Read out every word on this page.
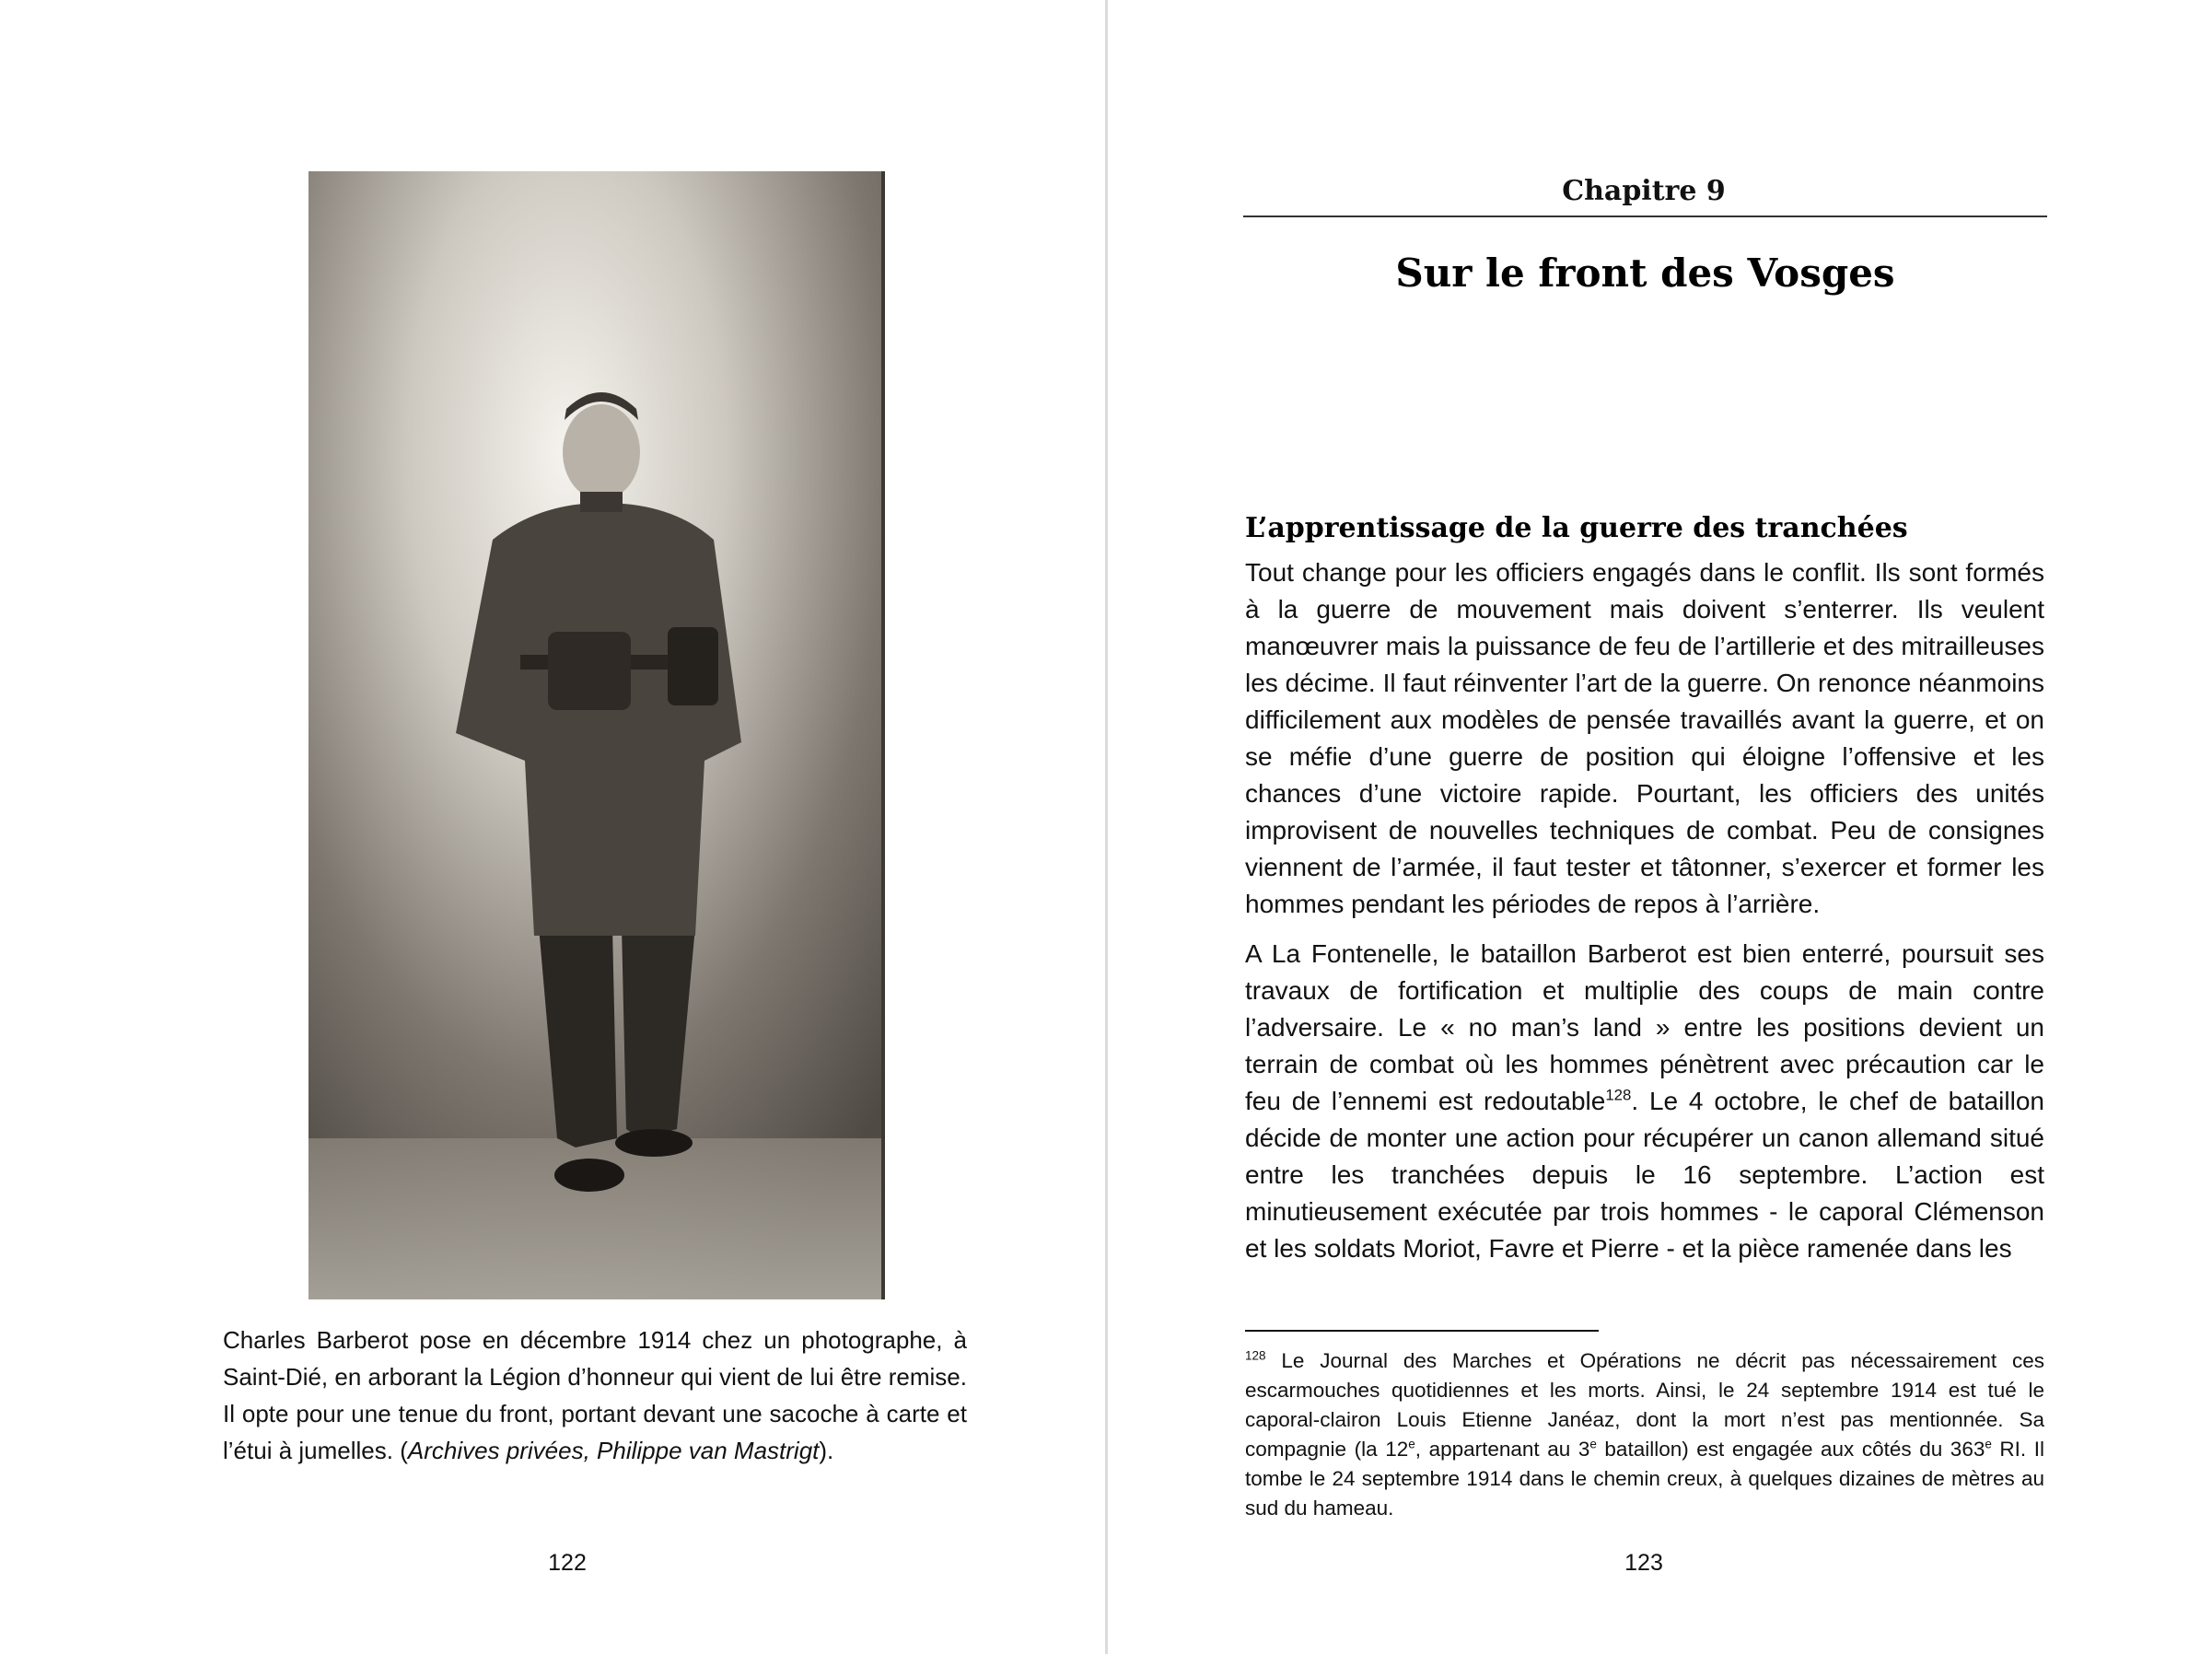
Charles Barberot pose en décembre 1914 chez un photographe, à Saint-Dié, en arborant la Légion d’honneur qui vient de lui être remise. Il opte pour une tenue du front, portant devant une sacoche à carte et l’étui à jumelles. (Archives privées, Philippe van Mastrigt).

122
Chapitre 9
Sur le front des Vosges
L’apprentissage de la guerre des tranchées

Tout change pour les officiers engagés dans le conflit. Ils sont formés à la guerre de mouvement mais doivent s’enterrer. Ils veulent manœuvrer mais la puissance de feu de l’artillerie et des mitrailleuses les décime. Il faut réinventer l’art de la guerre. On renonce néanmoins difficilement aux modèles de pensée travaillés avant la guerre, et on se méfie d’une guerre de position qui éloigne l’offensive et les chances d’une victoire rapide. Pourtant, les officiers des unités improvisent de nouvelles techniques de combat. Peu de consignes viennent de l’armée, il faut tester et tâtonner, s’exercer et former les hommes pendant les périodes de repos à l’arrière.

A La Fontenelle, le bataillon Barberot est bien enterré, poursuit ses travaux de fortification et multiplie des coups de main contre l’adversaire. Le « no man’s land » entre les positions devient un terrain de combat où les hommes pénètrent avec précaution car le feu de l’ennemi est redoutable$^{128}$. Le 4 octobre, le chef de bataillon décide de monter une action pour récupérer un canon allemand situé entre les tranchées depuis le 16 septembre. L’action est minutieusement exécutée par trois hommes - le caporal Clémenson et les soldats Moriot, Favre et Pierre - et la pièce ramenée dans les

$^{128}$ Le Journal des Marches et Opérations ne décrit pas nécessairement ces escarmouches quotidiennes et les morts. Ainsi, le 24 septembre 1914 est tué le caporal-clairon Louis Etienne Janéaz, dont la mort n’est pas mentionnée. Sa compagnie (la 12e, appartenant au 3e bataillon) est engagée aux côtés du 363e RI. Il tombe le 24 septembre 1914 dans le chemin creux, à quelques dizaines de mètres au sud du hameau.

123
